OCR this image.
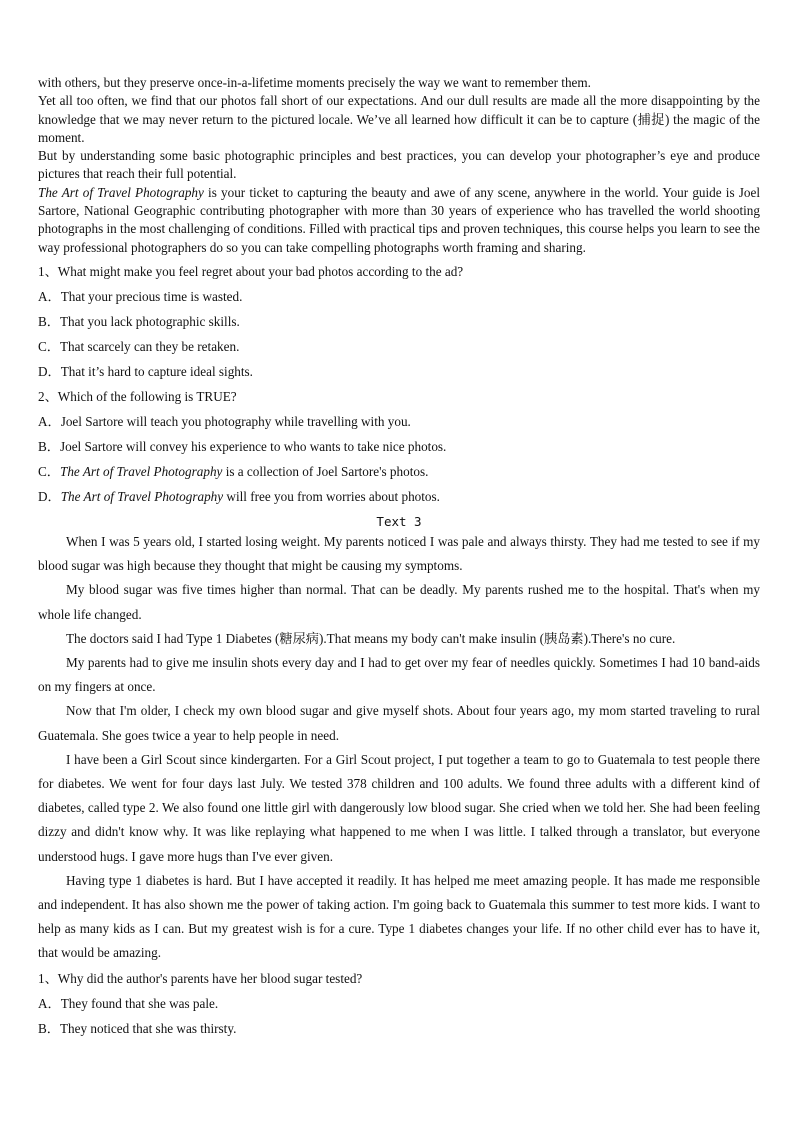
with others, but they preserve once-in-a-lifetime moments precisely the way we want to remember them.

Yet all too often, we find that our photos fall short of our expectations. And our dull results are made all the more disappointing by the knowledge that we may never return to the pictured locale. We’ve all learned how difficult it can be to capture (捕捉) the magic of the moment.

But by understanding some basic photographic principles and best practices, you can develop your photographer’s eye and produce pictures that reach their full potential.

The Art of Travel Photography is your ticket to capturing the beauty and awe of any scene, anywhere in the world. Your guide is Joel Sartore, National Geographic contributing photographer with more than 30 years of experience who has travelled the world shooting photographs in the most challenging of conditions. Filled with practical tips and proven techniques, this course helps you learn to see the way professional photographers do so you can take compelling photographs worth framing and sharing.

1、What might make you feel regret about your bad photos according to the ad?

A．That your precious time is wasted.

B．That you lack photographic skills.

C．That scarcely can they be retaken.

D．That it’s hard to capture ideal sights.

2、Which of the following is TRUE?

A．Joel Sartore will teach you photography while travelling with you.

B．Joel Sartore will convey his experience to who wants to take nice photos.

C．The Art of Travel Photography is a collection of Joel Sartore's photos.

D．The Art of Travel Photography will free you from worries about photos.

Text 3

When I was 5 years old, I started losing weight. My parents noticed I was pale and always thirsty. They had me tested to see if my blood sugar was high because they thought that might be causing my symptoms.

My blood sugar was five times higher than normal. That can be deadly. My parents rushed me to the hospital. That's when my whole life changed.

The doctors said I had Type 1 Diabetes (糖尿病).That means my body can't make insulin (胰岛素).There's no cure.

My parents had to give me insulin shots every day and I had to get over my fear of needles quickly. Sometimes I had 10 band-aids on my fingers at once.

Now that I'm older, I check my own blood sugar and give myself shots. About four years ago, my mom started traveling to rural Guatemala. She goes twice a year to help people in need.

I have been a Girl Scout since kindergarten. For a Girl Scout project, I put together a team to go to Guatemala to test people there for diabetes. We went for four days last July. We tested 378 children and 100 adults. We found three adults with a different kind of diabetes, called type 2. We also found one little girl with dangerously low blood sugar. She cried when we told her. She had been feeling dizzy and didn't know why. It was like replaying what happened to me when I was little. I talked through a translator, but everyone understood hugs. I gave more hugs than I've ever given.

Having type 1 diabetes is hard. But I have accepted it readily. It has helped me meet amazing people. It has made me responsible and independent. It has also shown me the power of taking action. I'm going back to Guatemala this summer to test more kids. I want to help as many kids as I can. But my greatest wish is for a cure. Type 1 diabetes changes your life. If no other child ever has to have it, that would be amazing.

1、Why did the author's parents have her blood sugar tested?

A．They found that she was pale.

B．They noticed that she was thirsty.
